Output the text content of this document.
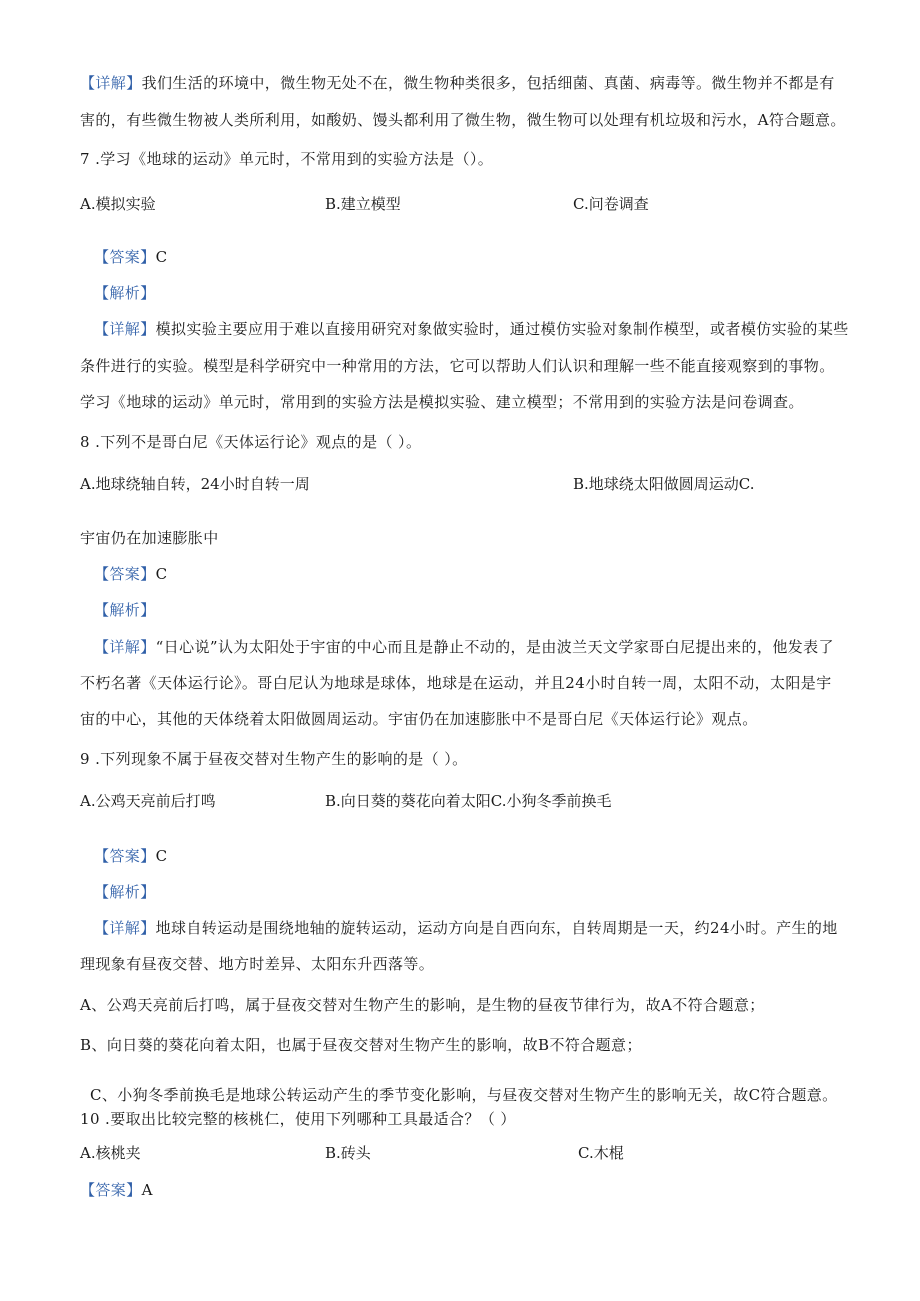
【详解】我们生活的环境中，微生物无处不在，微生物种类很多，包括细菌、真菌、病毒等。微生物并不都是有
害的，有些微生物被人类所利用，如酸奶、馒头都利用了微生物，微生物可以处理有机垃圾和污水，A符合题意。
7 .学习《地球的运动》单元时，不常用到的实验方法是（）。
A.模拟实验	B.建立模型	C.问卷调查
【答案】C
【解析】
【详解】模拟实验主要应用于难以直接用研究对象做实验时，通过模仿实验对象制作模型，或者模仿实验的某些
条件进行的实验。模型是科学研究中一种常用的方法，它可以帮助人们认识和理解一些不能直接观察到的事物。
学习《地球的运动》单元时，常用到的实验方法是模拟实验、建立模型；不常用到的实验方法是问卷调查。
8 .下列不是哥白尼《天体运行论》观点的是（ ）。
A.地球绕轴自转，24小时自转一周	B.地球绕太阳做圆周运动C.
宇宙仍在加速膨胀中
【答案】C
【解析】
【详解】“日心说”认为太阳处于宇宙的中心而且是静止不动的，是由波兰天文学家哥白尼提出来的，他发表了
不朽名著《天体运行论》。哥白尼认为地球是球体，地球是在运动，并且24小时自转一周，太阳不动，太阳是宇
宙的中心，其他的天体绕着太阳做圆周运动。宇宙仍在加速膨胀中不是哥白尼《天体运行论》观点。
9 .下列现象不属于昼夜交替对生物产生的影响的是（ ）。
A.公鸡天亮前后打鸣	B.向日葵的葵花向着太阳C.小狗冬季前换毛
【答案】C
【解析】
【详解】地球自转运动是围绕地轴的旋转运动，运动方向是自西向东，自转周期是一天，约24小时。产生的地
理现象有昼夜交替、地方时差异、太阳东升西落等。
A、公鸡天亮前后打鸣，属于昼夜交替对生物产生的影响，是生物的昼夜节律行为，故A不符合题意；
B、向日葵的葵花向着太阳，也属于昼夜交替对生物产生的影响，故B不符合题意；
C、小狗冬季前换毛是地球公转运动产生的季节变化影响，与昼夜交替对生物产生的影响无关，故C符合题意。
10 .要取出比较完整的核桃仁，使用下列哪种工具最适合？（ ）
A.核桃夹	B.砖头	C.木棍
【答案】A
